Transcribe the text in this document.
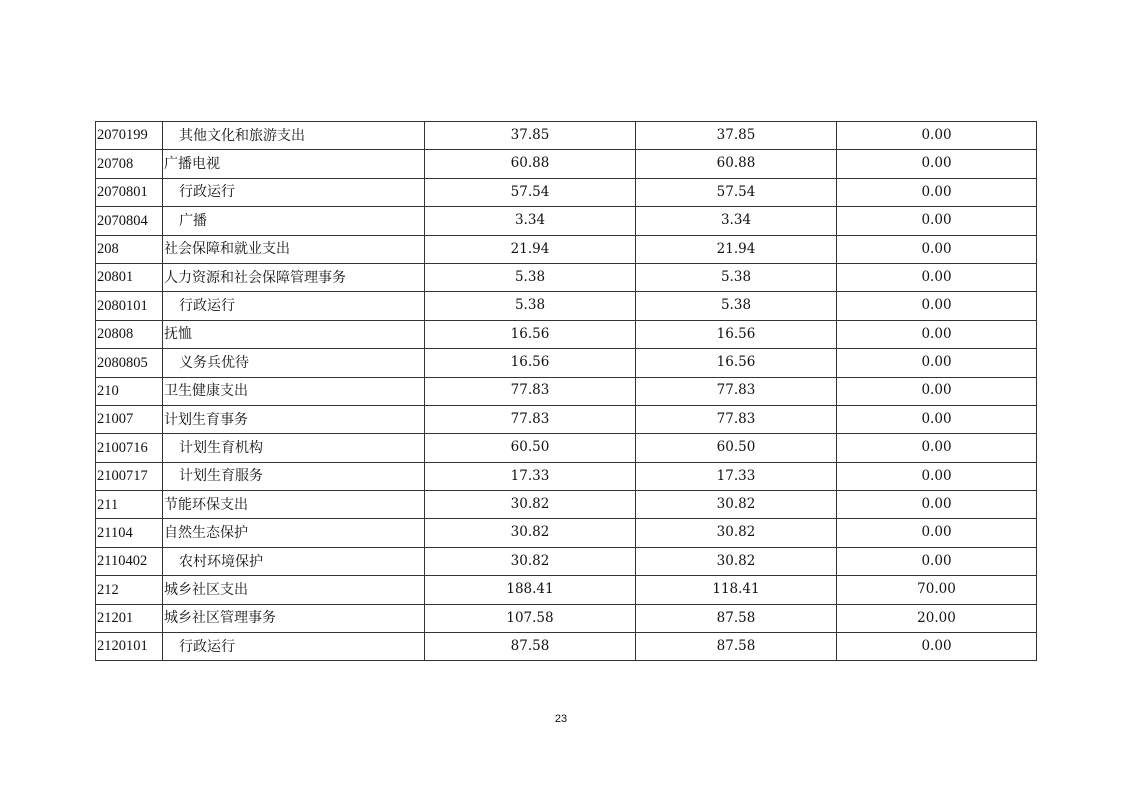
2070199	其他文化和旅游支出	37.85	37.85	0.00
20708	广播电视	60.88	60.88	0.00
2070801	行政运行	57.54	57.54	0.00
2070804	广播	3.34	3.34	0.00
208	社会保障和就业支出	21.94	21.94	0.00
20801	人力资源和社会保障管理事务	5.38	5.38	0.00
2080101	行政运行	5.38	5.38	0.00
20808	抚恤	16.56	16.56	0.00
2080805	义务兵优待	16.56	16.56	0.00
210	卫生健康支出	77.83	77.83	0.00
21007	计划生育事务	77.83	77.83	0.00
2100716	计划生育机构	60.50	60.50	0.00
2100717	计划生育服务	17.33	17.33	0.00
211	节能环保支出	30.82	30.82	0.00
21104	自然生态保护	30.82	30.82	0.00
2110402	农村环境保护	30.82	30.82	0.00
212	城乡社区支出	188.41	118.41	70.00
21201	城乡社区管理事务	107.58	87.58	20.00
2120101	行政运行	87.58	87.58	0.00
23
